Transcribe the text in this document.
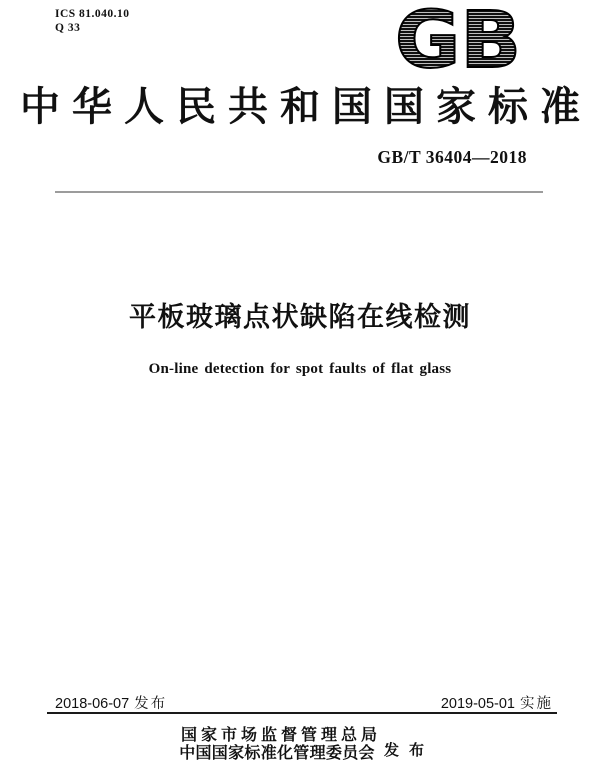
ICS 81.040.10
Q 33	GB
中华人民共和国国家标准
GB/T 36404—2018
平板玻璃点状缺陷在线检测
On-line detection for spot faults of flat glass
2018-06-07 发布	2019-05-01 实施
国家市场监督管理总局
中国国家标准化管理委员会 发布
